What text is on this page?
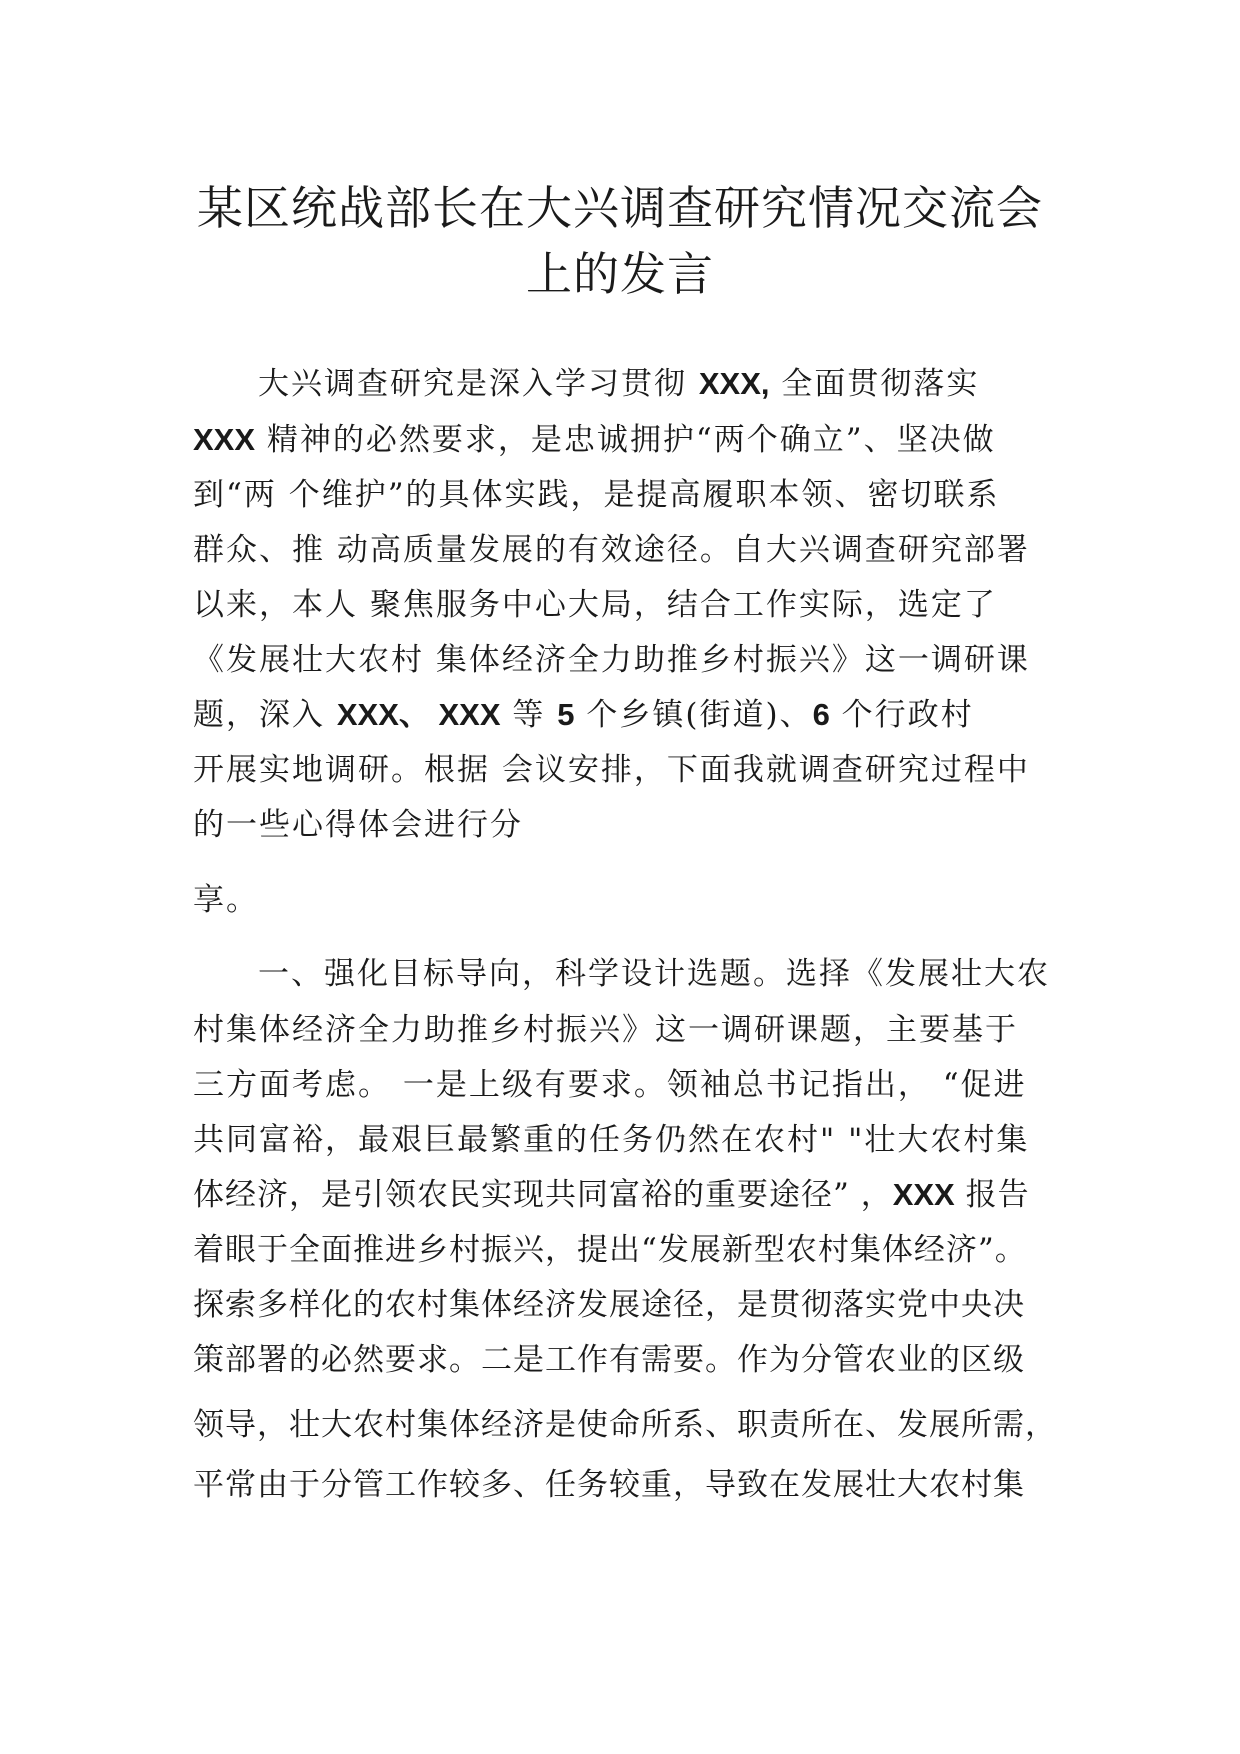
某区统战部长在大兴调查研究情况交流会
上的发言
大兴调查研究是深入学习贯彻 XXX, 全面贯彻落实
XXX 精神的必然要求，是忠诚拥护“两个确立”、坚决做
到“两 个维护”的具体实践，是提高履职本领、密切联系
群众、推 动高质量发展的有效途径。自大兴调查研究部署
以来，本人 聚焦服务中心大局，结合工作实际，选定了
《发展壮大农村 集体经济全力助推乡村振兴》这一调研课
题，深入 XXX、 XXX 等 5 个乡镇(街道)、6 个行政村
开展实地调研。根据 会议安排，下面我就调查研究过程中
的一些心得体会进行分
享。
一、强化目标导向，科学设计选题。选择《发展壮大农
村集体经济全力助推乡村振兴》这一调研课题，主要基于
三方面考虑。 一是上级有要求。领袖总书记指出， “促进
共同富裕，最艰巨最繁重的任务仍然在农村" "壮大农村集
体经济，是引领农民实现共同富裕的重要途径” ，XXX 报告
着眼于全面推进乡村振兴，提出“发展新型农村集体经济”。
探索多样化的农村集体经济发展途径，是贯彻落实党中央决
策部署的必然要求。二是工作有需要。作为分管农业的区级
领导，壮大农村集体经济是使命所系、职责所在、发展所需，
平常由于分管工作较多、任务较重，导致在发展壮大农村集
